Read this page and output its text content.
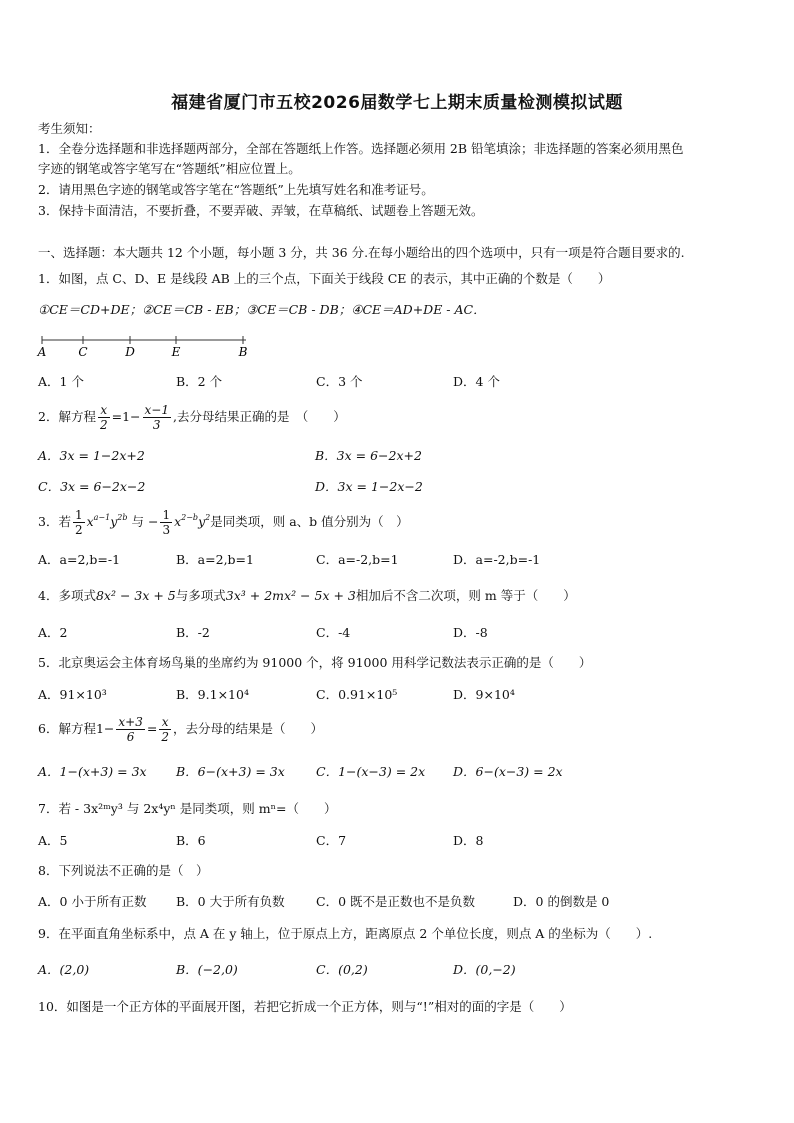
福建省厦门市五校2026届数学七上期末质量检测模拟试题
考生须知：
1．全卷分选择题和非选择题两部分，全部在答题纸上作答。选择题必须用 2B 铅笔填涂；非选择题的答案必须用黑色
字迹的钢笔或答字笔写在“答题纸”相应位置上。
2．请用黑色字迹的钢笔或答字笔在“答题纸”上先填写姓名和准考证号。
3．保持卡面清洁，不要折叠，不要弄破、弄皱，在草稿纸、试题卷上答题无效。
一、选择题：本大题共 12 个小题，每小题 3 分，共 36 分.在每小题给出的四个选项中，只有一项是符合题目要求的.
1．如图，点 C、D、E 是线段 AB 上的三个点，下面关于线段 CE 的表示，其中正确的个数是（　　）
①CE＝CD+DE；②CE＝CB - EB；③CE＝CB - DB；④CE＝AD+DE - AC．
A	C	D	E	B
A．1 个	B．2 个	C．3 个	D．4 个
2．解方程 $\frac{x}{2} =1- \frac{x-1}{3}$ ,去分母结果正确的是　（　　）
A．3x = 1−2x+2	B．3x = 6−2x+2
C．3x = 6−2x−2	D．3x = 1−2x−2
3．若 $\frac{1}{2} x^{a-1}y^{2b}$ 与 − $\frac{1}{3} x^{2-b}y^2$是同类项，则 a、b 值分别为（　）
A．a=2,b=-1	B．a=2,b=1	C．a=-2,b=1	D．a=-2,b=-1
4．多项式8x² − 3x + 5与多项式3x³ + 2mx² − 5x + 3相加后不含二次项，则 m 等于（　　）
A．2	B．-2	C．-4	D．-8
5．北京奥运会主体育场鸟巢的坐席约为 91000 个，将 91000 用科学记数法表示正确的是（　　）
A．91×10³	B．9.1×10⁴	C．0.91×10⁵	D．9×10⁴
6．解方程$1- \frac{x+3}{6} = \frac{x}{2}$ ，去分母的结果是（　　）
A．1−(x+3) = 3x B．6−(x+3) = 3x C．1−(x−3) = 2x D．6−(x−3) = 2x
7．若 - 3x²ᵐy³ 与 2x⁴yⁿ 是同类项，则 mⁿ=（　　）
A．5	B．6	C．7	D．8
8．下列说法不正确的是（　）
A．0 小于所有正数 B．0 大于所有负数	C．0 既不是正数也不是负数	D．0 的倒数是 0
9．在平面直角坐标系中，点 A 在 y 轴上，位于原点上方，距离原点 2 个单位长度，则点 A 的坐标为（　　）.
A．(2,0)	B．(−2,0)	C．(0,2)	D．(0,−2)
10．如图是一个正方体的平面展开图，若把它折成一个正方体，则与“!”相对的面的字是（　　）
